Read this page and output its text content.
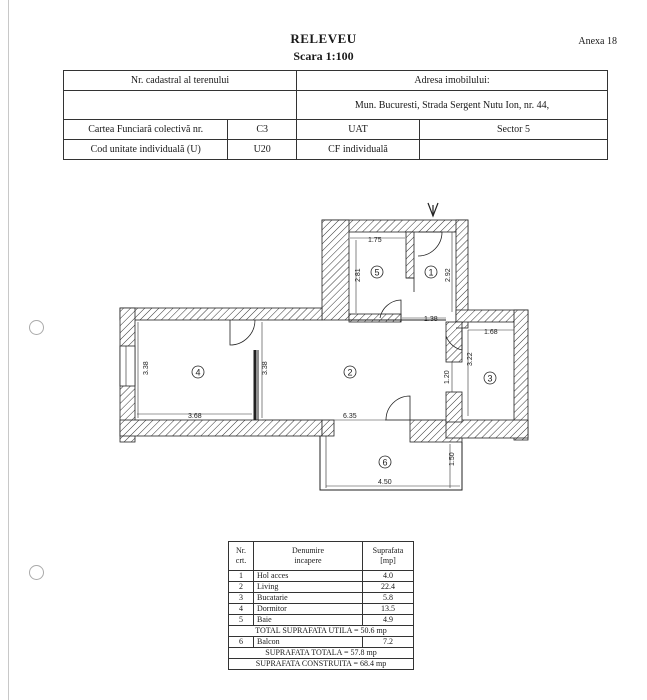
RELEVEU
Scara 1:100
Anexa 18
Nr. cadastral al terenului		Adresa imobilului:	
		Mun. Bucuresti, Strada Sergent Nutu Ion, nr. 44,	
Cartea Funciară colectivă nr.	C3	UAT	Sector 5
Cod unitate individuală (U)	U20	CF individuală	
1.75
2.81	2.92
1.38
1.68
3.22
1.20
3.38
3.68
3.38
6.35
1.50
4.50
1
2
3
4
5
6
Nr.
crt.	Denumire
incapere	Suprafata
[mp]
1	Hol acces	4.0
2	Living	22.4
3	Bucatarie	5.8
4	Dormitor	13.5
5	Baie	4.9
TOTAL SUPRAFATA UTILA = 50.6 mp		
6	Balcon	7.2
SUPRAFATA TOTALA = 57.8 mp		
SUPRAFATA CONSTRUITA = 68.4 mp		
